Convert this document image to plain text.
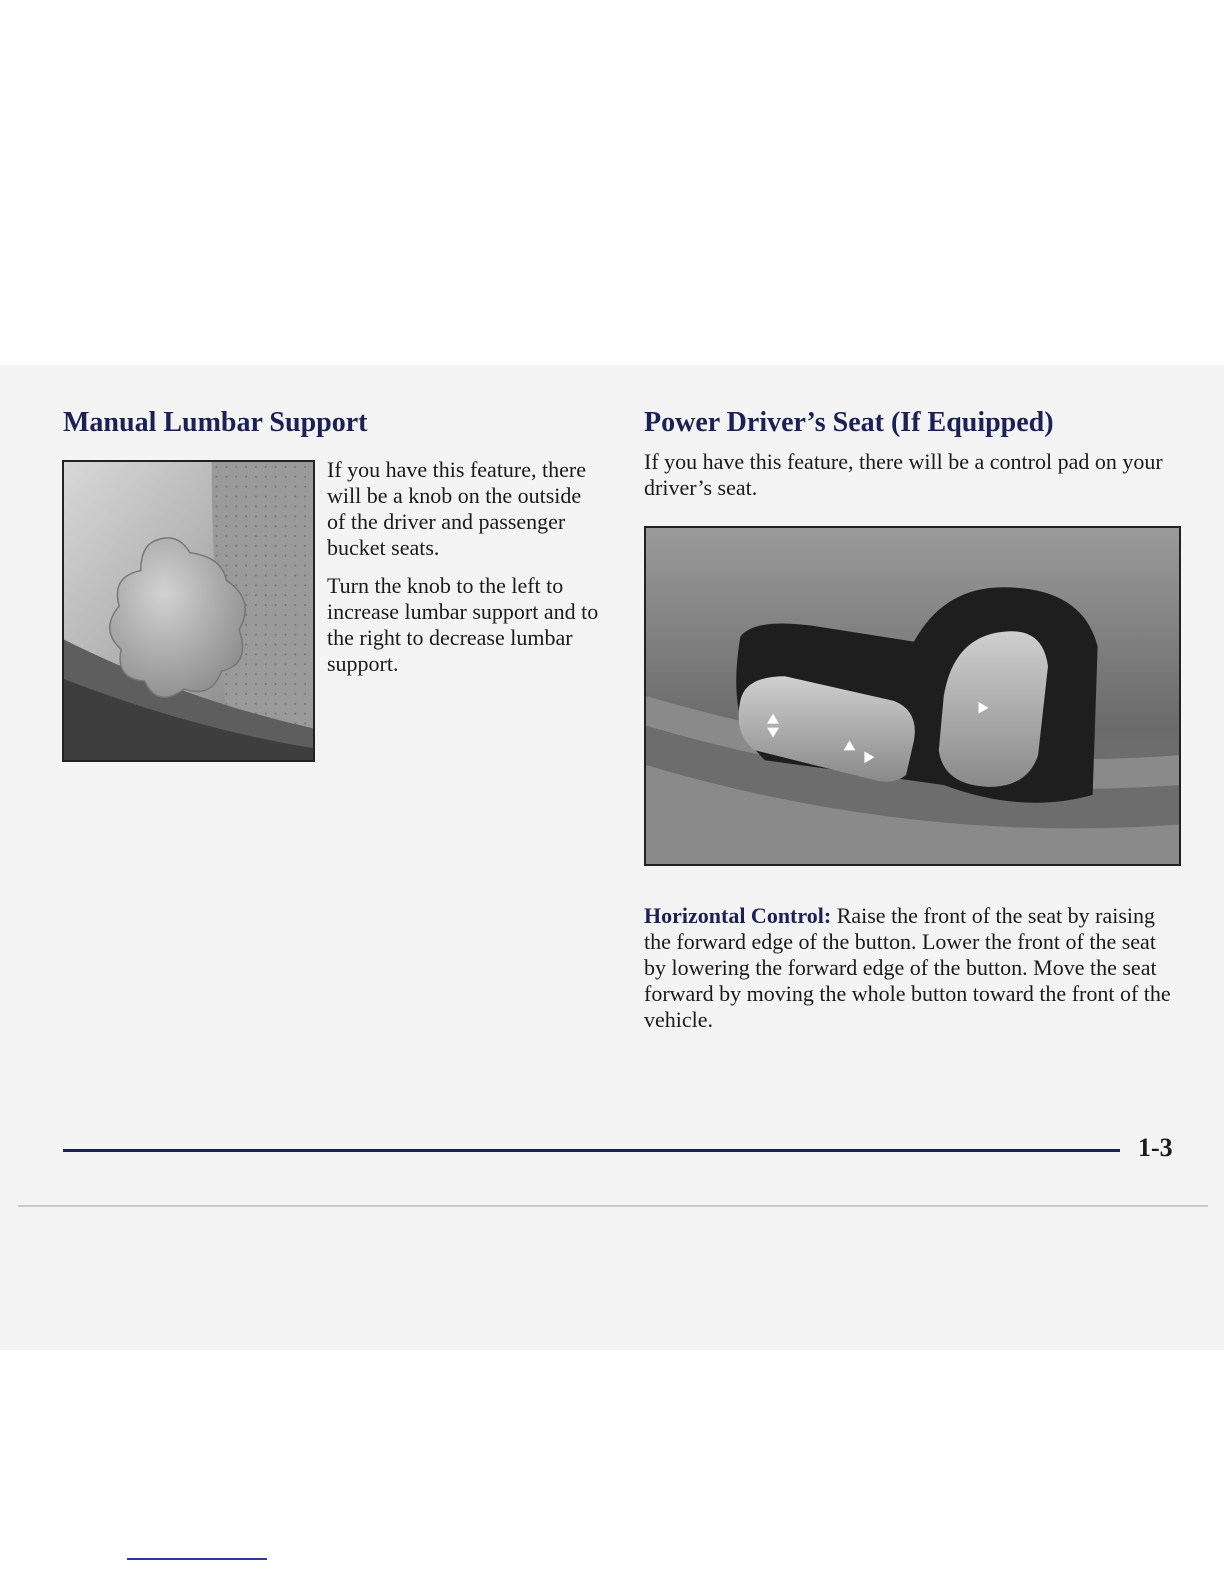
Manual Lumbar Support

If you have this feature, there will be a knob on the outside of the driver and passenger bucket seats.

Turn the knob to the left to increase lumbar support and to the right to decrease lumbar support.

Power Driver’s Seat (If Equipped)

If you have this feature, there will be a control pad on your driver’s seat.

Horizontal Control: Raise the front of the seat by raising the forward edge of the button. Lower the front of the seat by lowering the forward edge of the button. Move the seat forward by moving the whole button toward the front of the vehicle.

1-3
